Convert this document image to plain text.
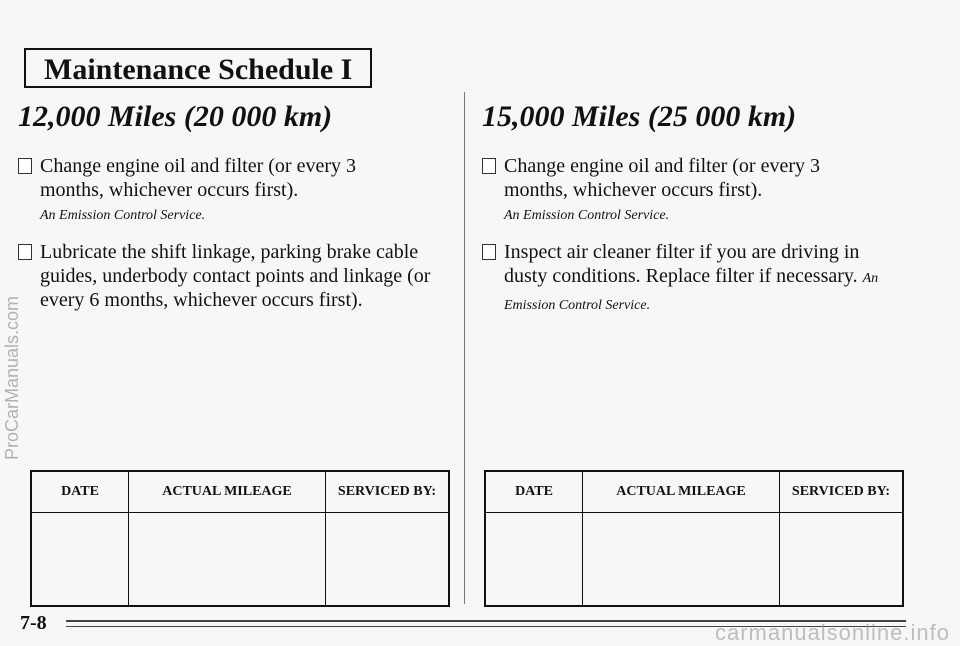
Maintenance Schedule I
12,000 Miles (20 000 km)
Change engine oil and filter (or every 3 months, whichever occurs first).
An Emission Control Service.
Lubricate the shift linkage, parking brake cable guides, underbody contact points and linkage (or every 6 months, whichever occurs first).
15,000 Miles (25 000 km)
Change engine oil and filter (or every 3 months, whichever occurs first).
An Emission Control Service.
Inspect air cleaner filter if you are driving in dusty conditions. Replace filter if necessary. An Emission Control Service.
DATE	ACTUAL MILEAGE	SERVICED BY:
			DATE	ACTUAL MILEAGE	SERVICED BY:

7-8
ProCarManuals.com
carmanualsonline.info
